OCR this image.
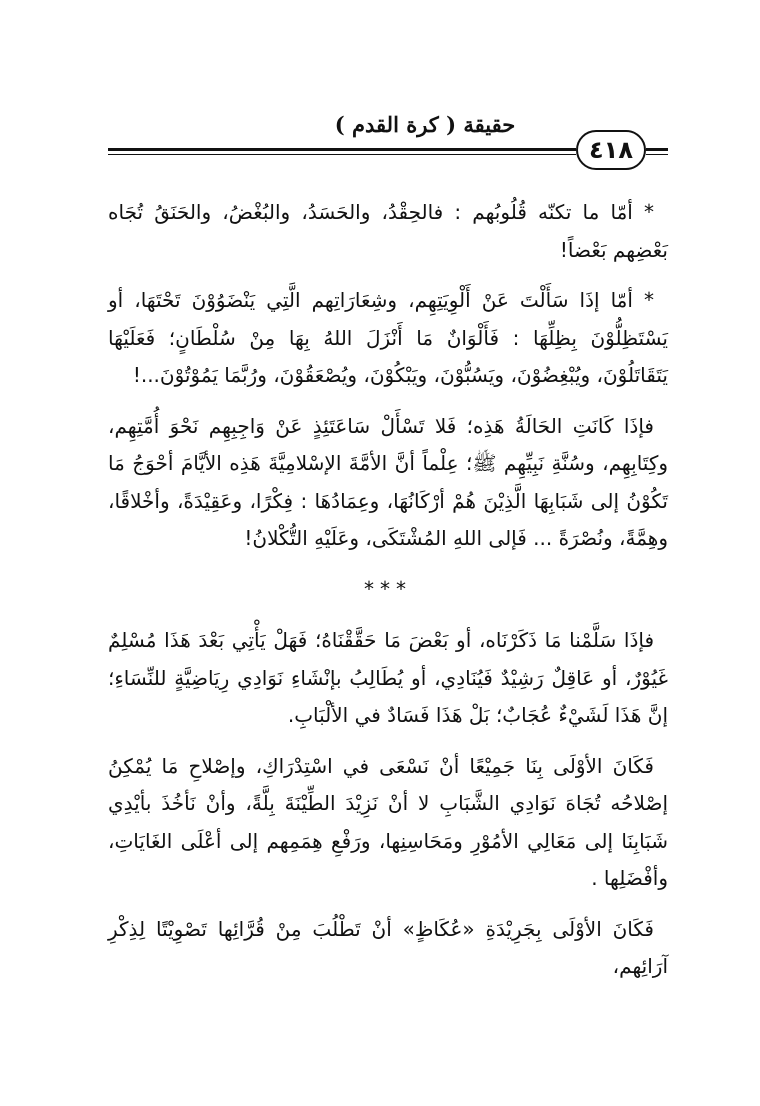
حقيقة ( كرة القدم )
٤١٨

* أمّا ما تكنّه قُلُوبُهم : فالحِقْدُ، والحَسَدُ، والبُغْضُ، والحَنَقُ تُجَاه بَعْضِهم بَعْضاً!

* أمّا إذَا سَأَلْتَ عَنْ أَلْوِيَتِهِم، وشِعَارَاتِهم الَّتِي يَنْضَوُوْنَ تَحْتَهَا، أو يَسْتَظِلُّوْنَ بِظِلِّهَا : فَأَلْوَانٌ مَا أَنْزَلَ اللهُ بِهَا مِنْ سُلْطَانٍ؛ فَعَلَيْهَا يَتَقَاتَلُوْنَ، ويُبْغِضُوْنَ، ويَسُبُّوْنَ، ويَبْكُوْنَ، ويُصْعَقُوْنَ، ورُبَّمَا يَمُوْتُوْنَ...!

فإذَا كَانَتِ الحَالَةُ هَذِه؛ فَلا تَسْأَلْ سَاعَتَئِذٍ عَنْ وَاجِبِهِم نَحْوَ أُمَّتِهِم، وكِتَابِهِم، وسُنَّةِ نَبِيِّهِم ﷺ؛ عِلْماً أنَّ الأمَّةَ الإسْلامِيَّةَ هَذِه الأيَّامَ أحْوَجُ مَا تَكُوْنُ إلى شَبَابِهَا الَّذِيْنَ هُمْ أرْكَانُهَا، وعِمَادُهَا : فِكْرًا، وعَقِيْدَةً، وأخْلاقًا، وهِمَّةً، ونُصْرَةً ... فَإلى اللهِ المُشْتَكَى، وعَلَيْهِ التُّكْلانُ!

***

فإذَا سَلَّمْنا مَا ذَكَرْنَاه، أو بَعْضَ مَا حَقَّقْنَاهُ؛ فَهَلْ يَأْتِي بَعْدَ هَذَا مُسْلِمٌ غَيُوْرٌ، أو عَاقِلٌ رَشِيْدٌ فَيُنَادِي، أو يُطَالِبُ بإنْشَاءِ نَوَادِي رِيَاضِيَّةٍ للنِّسَاءِ؛ إنَّ هَذَا لَشَيْءٌ عُجَابٌ؛ بَلْ هَذَا فَسَادٌ في الألْبَابِ.

فَكَانَ الأوْلَى بِنَا جَمِيْعًا أنْ نَسْعَى في اسْتِدْرَاكِ، وإصْلاحِ مَا يُمْكِنُ إصْلاحُه تُجَاهَ نَوَادِي الشَّبَابِ لا أنْ نَزِيْدَ الطِّيْنَةَ بِلَّةً، وأنْ نَأخُذَ بأيْدِي شَبَابِنَا إلى مَعَالِي الأمُوْرِ ومَحَاسِنِها، ورَفْعِ هِمَمِهم إلى أعْلَى الغَايَاتِ، وأفْضَلِها .

فَكَانَ الأوْلَى بِجَرِيْدَةِ «عُكَاظٍ» أنْ تَطْلُبَ مِنْ قُرَّائِها تَصْوِيْتًا لِذِكْرِ آرَائِهم،
